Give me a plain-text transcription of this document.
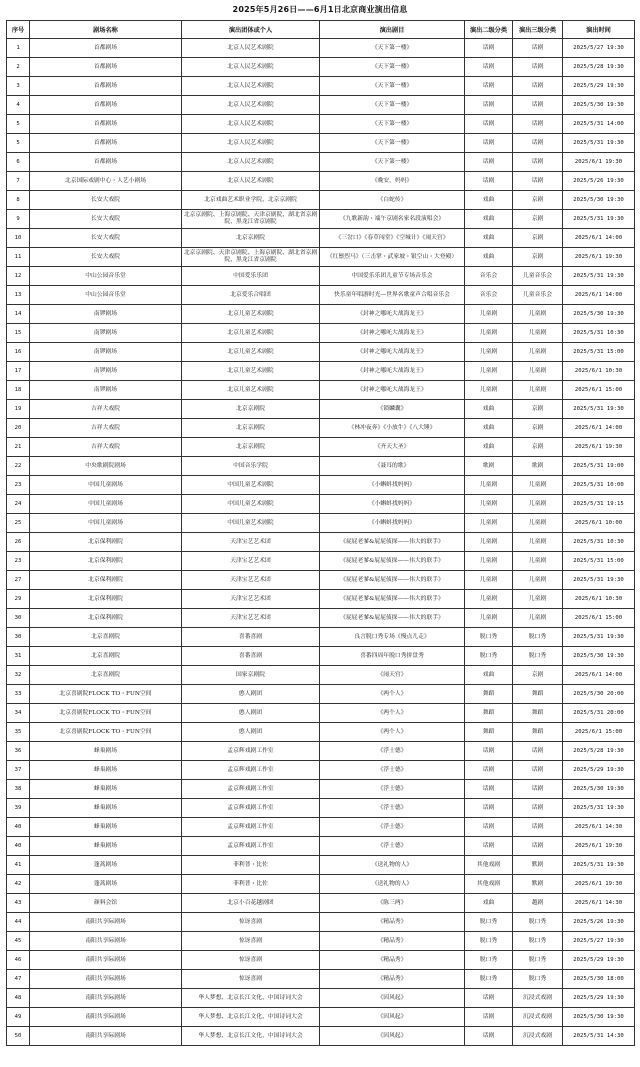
2025年5月26日——6月1日北京商业演出信息
序号	剧场名称	演出团体或个人	演出剧目	演出二级分类	演出三级分类	演出时间
1	首都剧场	北京人民艺术剧院	《天下第一楼》	话剧	话剧	2025/5/27 19:30
2	首都剧场	北京人民艺术剧院	《天下第一楼》	话剧	话剧	2025/5/28 19:30
3	首都剧场	北京人民艺术剧院	《天下第一楼》	话剧	话剧	2025/5/29 19:30
4	首都剧场	北京人民艺术剧院	《天下第一楼》	话剧	话剧	2025/5/30 19:30
5	首都剧场	北京人民艺术剧院	《天下第一楼》	话剧	话剧	2025/5/31 14:00
5	首都剧场	北京人民艺术剧院	《天下第一楼》	话剧	话剧	2025/5/31 19:30
6	首都剧场	北京人民艺术剧院	《天下第一楼》	话剧	话剧	2025/6/1 19:30
7	北京国际戏剧中心・人艺小剧场	北京人民艺术剧院	《晚安，妈妈》	话剧	话剧	2025/5/26 19:30
8	长安大戏院	北京戏曲艺术职业学院、北京京剧院	《白蛇传》	戏曲	京剧	2025/5/30 19:30
9	长安大戏院	北京京剧院、上海京剧院、天津京剧院、湖北省京剧院、黑龙江省京剧院	《九歌新韵・端午京剧名家名段演唱会》	戏曲	京剧	2025/5/31 19:30
10	长安大戏院	北京京剧院	《三岔口》《春草闯堂》《空城计》《闹天宫》	戏曲	京剧	2025/6/1 14:00
11	长安大戏院	北京京剧院、天津京剧院、上海京剧院、湖北省京剧院、黑龙江省京剧院	《红鬃烈马》（三击掌・武家坡・银空山・大登殿）	戏曲	京剧	2025/6/1 19:30
12	中山公园音乐堂	中国爱乐乐团	中国爱乐乐团儿童节专场音乐会	音乐会	儿童音乐会	2025/5/31 19:30
13	中山公园音乐堂	北京爱乐合唱团	快乐童年唱游时光—世界名歌童声合唱音乐会	音乐会	儿童音乐会	2025/6/1 14:00
14	南锣剧场	北京儿童艺术剧院	《封神之哪吒大战海龙王》	儿童剧	儿童剧	2025/5/30 19:30
15	南锣剧场	北京儿童艺术剧院	《封神之哪吒大战海龙王》	儿童剧	儿童剧	2025/5/31 10:30
16	南锣剧场	北京儿童艺术剧院	《封神之哪吒大战海龙王》	儿童剧	儿童剧	2025/5/31 15:00
17	南锣剧场	北京儿童艺术剧院	《封神之哪吒大战海龙王》	儿童剧	儿童剧	2025/6/1 10:30
18	南锣剧场	北京儿童艺术剧院	《封神之哪吒大战海龙王》	儿童剧	儿童剧	2025/6/1 15:00
19	吉祥大戏院	北京京剧院	《锁麟囊》	戏曲	京剧	2025/5/31 19:30
20	吉祥大戏院	北京京剧院	《林冲夜奔》《小放牛》《八大锤》	戏曲	京剧	2025/6/1 14:00
21	吉祥大戏院	北京京剧院	《齐天大圣》	戏曲	京剧	2025/6/1 19:30
22	中央歌剧院剧场	中国音乐学院	《聂耳的歌》	歌剧	歌剧	2025/5/31 19:00
23	中国儿童剧场	中国儿童艺术剧院	《小蝌蚪找妈妈》	儿童剧	儿童剧	2025/5/31 10:00
24	中国儿童剧场	中国儿童艺术剧院	《小蝌蚪找妈妈》	儿童剧	儿童剧	2025/5/31 19:15
25	中国儿童剧场	中国儿童艺术剧院	《小蝌蚪找妈妈》	儿童剧	儿童剧	2025/6/1 10:00
26	北京保利剧院	天津宝艺艺术团	《屁屁老爹&屁屁侦探——伟大的联手》	儿童剧	儿童剧	2025/5/31 10:30
23	北京保利剧院	天津宝艺艺术团	《屁屁老爹&屁屁侦探——伟大的联手》	儿童剧	儿童剧	2025/5/31 15:00
27	北京保利剧院	天津宝艺艺术团	《屁屁老爹&屁屁侦探——伟大的联手》	儿童剧	儿童剧	2025/5/31 19:30
29	北京保利剧院	天津宝艺艺术团	《屁屁老爹&屁屁侦探——伟大的联手》	儿童剧	儿童剧	2025/6/1 10:30
30	北京保利剧院	天津宝艺艺术团	《屁屁老爹&屁屁侦探——伟大的联手》	儿童剧	儿童剧	2025/6/1 15:00
30	北京喜剧院	喜番喜剧	良言脱口秀专场《慢点儿走》	脱口秀	脱口秀	2025/5/31 19:30
31	北京喜剧院	喜番喜剧	喜番四周年脱口秀拼盘秀	脱口秀	脱口秀	2025/5/30 19:30
32	北京喜剧院	国家京剧院	《闹天宫》	戏曲	京剧	2025/6/1 14:00
33	北京喜剧院FLOCK TO・FUN空间	憨人剧团	《两个人》	舞蹈	舞蹈	2025/5/30 20:00
34	北京喜剧院FLOCK TO・FUN空间	憨人剧团	《两个人》	舞蹈	舞蹈	2025/5/31 20:00
35	北京喜剧院FLOCK TO・FUN空间	憨人剧团	《两个人》	舞蹈	舞蹈	2025/6/1 15:00
36	蜂巢剧场	孟京辉戏剧工作室	《浮士德》	话剧	话剧	2025/5/28 19:30
37	蜂巢剧场	孟京辉戏剧工作室	《浮士德》	话剧	话剧	2025/5/29 19:30
38	蜂巢剧场	孟京辉戏剧工作室	《浮士德》	话剧	话剧	2025/5/30 19:30
39	蜂巢剧场	孟京辉戏剧工作室	《浮士德》	话剧	话剧	2025/5/31 19:30
40	蜂巢剧场	孟京辉戏剧工作室	《浮士德》	话剧	话剧	2025/6/1 14:30
40	蜂巢剧场	孟京辉戏剧工作室	《浮士德》	话剧	话剧	2025/6/1 19:30
41	蓬蒿剧场	菲利普・比佐	《送礼物的人》	其他戏剧	默剧	2025/5/31 19:30
42	蓬蒿剧场	菲利普・比佐	《送礼物的人》	其他戏剧	默剧	2025/6/1 19:30
43	颜料会馆	北京小百花越剧团	《陈三两》	戏曲	越剧	2025/6/1 14:30
44	南阳共享际剧场	惊讶喜剧	《精品秀》	脱口秀	脱口秀	2025/5/26 19:30
45	南阳共享际剧场	惊讶喜剧	《精品秀》	脱口秀	脱口秀	2025/5/27 19:30
46	南阳共享际剧场	惊讶喜剧	《精品秀》	脱口秀	脱口秀	2025/5/29 19:30
47	南阳共享际剧场	惊讶喜剧	《精品秀》	脱口秀	脱口秀	2025/5/30 18:00
48	南阳共享际剧场	华人梦想、北京长江文化、中国诗词大会	《因风起》	话剧	沉浸式戏剧	2025/5/29 19:30
49	南阳共享际剧场	华人梦想、北京长江文化、中国诗词大会	《因风起》	话剧	沉浸式戏剧	2025/5/30 19:30
50	南阳共享际剧场	华人梦想、北京长江文化、中国诗词大会	《因风起》	话剧	沉浸式戏剧	2025/5/31 14:30
